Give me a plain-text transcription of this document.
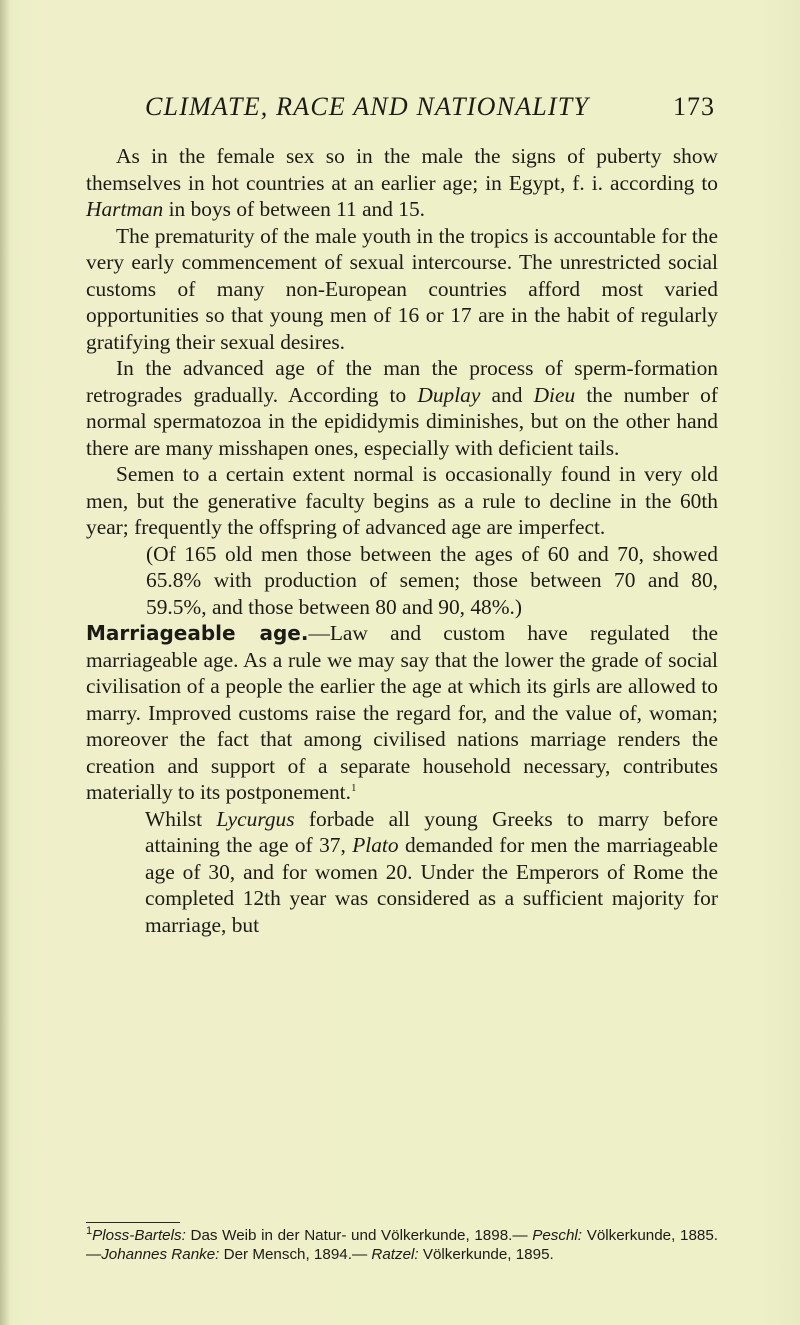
CLIMATE, RACE AND NATIONALITY	173

As in the female sex so in the male the signs of puberty show themselves in hot countries at an earlier age; in Egypt, f. i. according to Hartman in boys of between 11 and 15.

The prematurity of the male youth in the tropics is accountable for the very early commencement of sexual intercourse. The unrestricted social customs of many non-European countries afford most varied opportunities so that young men of 16 or 17 are in the habit of regularly gratifying their sexual desires.

In the advanced age of the man the process of sperm-formation retrogrades gradually. According to Duplay and Dieu the number of normal spermatozoa in the epididymis diminishes, but on the other hand there are many misshapen ones, especially with deficient tails.

Semen to a certain extent normal is occasionally found in very old men, but the generative faculty begins as a rule to decline in the 60th year; frequently the offspring of advanced age are imperfect.

(Of 165 old men those between the ages of 60 and 70, showed 65.8% with production of semen; those between 70 and 80, 59.5%, and those between 80 and 90, 48%.)

Marriageable age.—Law and custom have regulated the marriageable age. As a rule we may say that the lower the grade of social civilisation of a people the earlier the age at which its girls are allowed to marry. Improved customs raise the regard for, and the value of, woman; moreover the fact that among civilised nations marriage renders the creation and support of a separate household necessary, contributes materially to its postponement.$^1$

Whilst Lycurgus forbade all young Greeks to marry before attaining the age of 37, Plato demanded for men the marriageable age of 30, and for women 20. Under the Emperors of Rome the completed 12th year was considered as a sufficient majority for marriage, but

$^1$Ploss-Bartels: Das Weib in der Natur- und Völkerkunde, 1898.— Peschl: Völkerkunde, 1885.—Johannes Ranke: Der Mensch, 1894.— Ratzel: Völkerkunde, 1895.
